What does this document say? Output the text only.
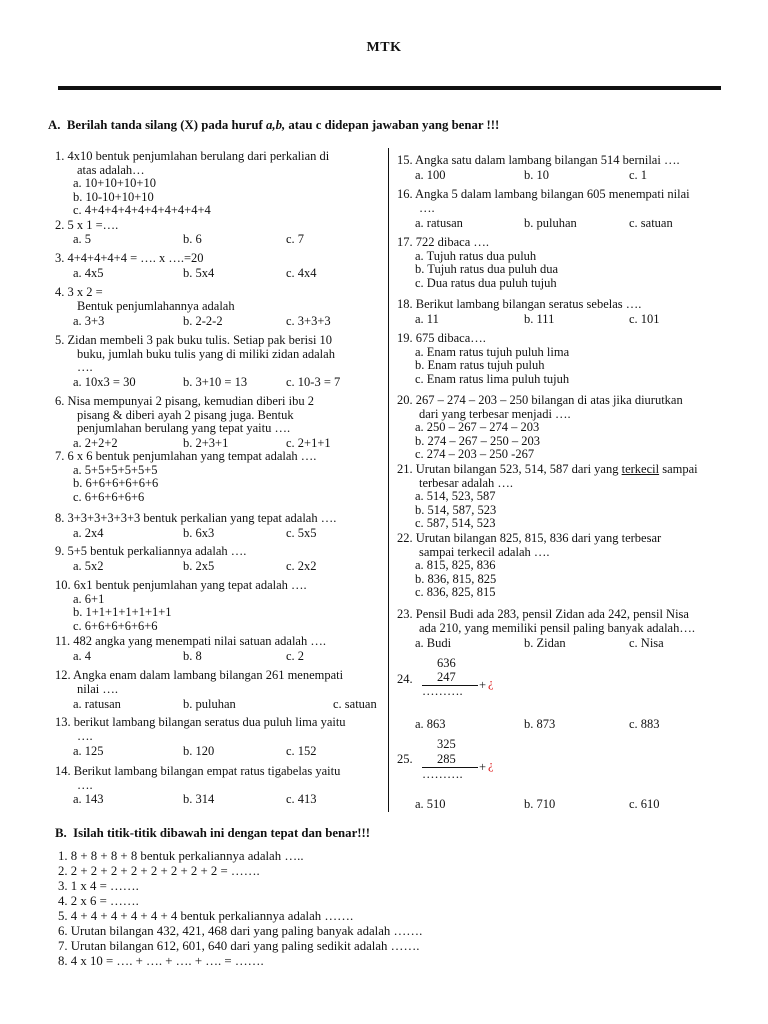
MTK
A. Berilah tanda silang (X) pada huruf a,b, atau c didepan jawaban yang benar !!!
1. 4x10 bentuk penjumlahan berulang dari perkalian di
atas adalah…
a. 10+10+10+10
b. 10-10+10+10
c. 4+4+4+4+4+4+4+4+4+4
2. 5 x 1 =….
a. 5	b. 6	c. 7
3. 4+4+4+4+4 = …. x ….=20
a. 4x5	b. 5x4	c. 4x4
4. 3 x 2 =
Bentuk penjumlahannya adalah
a. 3+3	b. 2-2-2	c. 3+3+3
5. Zidan membeli 3 pak buku tulis. Setiap pak berisi 10
buku, jumlah buku tulis yang di miliki zidan adalah
….
a. 10x3 = 30	b. 3+10 = 13	c. 10-3 = 7
6. Nisa mempunyai 2 pisang, kemudian diberi ibu 2
pisang & diberi ayah 2 pisang juga. Bentuk
penjumlahan berulang yang tepat yaitu ….
a. 2+2+2	b. 2+3+1	c. 2+1+1
7. 6 x 6 bentuk penjumlahan yang tempat adalah ….
a. 5+5+5+5+5+5
b. 6+6+6+6+6+6
c. 6+6+6+6+6
8. 3+3+3+3+3+3 bentuk perkalian yang tepat adalah ….
a. 2x4	b. 6x3	c. 5x5
9. 5+5 bentuk perkaliannya adalah ….
a. 5x2	b. 2x5	c. 2x2
10. 6x1 bentuk penjumlahan yang tepat adalah ….
a. 6+1
b. 1+1+1+1+1+1+1
c. 6+6+6+6+6+6
11. 482 angka yang menempati nilai satuan adalah ….
a. 4	b. 8	c. 2
12. Angka enam dalam lambang bilangan 261 menempati
nilai ….
a. ratusan	b. puluhan	c. satuan
13. berikut lambang bilangan seratus dua puluh lima yaitu
….
a. 125	b. 120	c. 152
14. Berikut lambang bilangan empat ratus tigabelas yaitu
….
a. 143	b. 314	c. 413
15. Angka satu dalam lambang bilangan 514 bernilai ….
a. 100	b. 10	c. 1
16. Angka 5 dalam lambang bilangan 605 menempati nilai
….
a. ratusan	b. puluhan	c. satuan
17. 722 dibaca ….
a. Tujuh ratus dua puluh
b. Tujuh ratus dua puluh dua
c. Dua ratus dua puluh tujuh
18. Berikut lambang bilangan seratus sebelas ….
a. 11	b. 111	c. 101
19. 675 dibaca….
a. Enam ratus tujuh puluh lima
b. Enam ratus tujuh puluh
c. Enam ratus lima puluh tujuh
20. 267 – 274 – 203 – 250 bilangan di atas jika diurutkan
dari yang terbesar menjadi ….
a. 250 – 267 – 274 – 203
b. 274 – 267 – 250 – 203
c. 274 – 203 – 250 -267
21. Urutan bilangan 523, 514, 587 dari yang terkecil sampai
terbesar adalah ….
a. 514, 523, 587
b. 514, 587, 523
c. 587, 514, 523
22. Urutan bilangan 825, 815, 836 dari yang terbesar
sampai terkecil adalah ….
a. 815, 825, 836
b. 836, 815, 825
c. 836, 825, 815
23. Pensil Budi ada 283, pensil Zidan ada 242, pensil Nisa
ada 210, yang memiliki pensil paling banyak adalah….
a. Budi	b. Zidan	c. Nisa
24.
636
247
………. + ¿
a. 863	b. 873	c. 883
25.
325
285
………. + ¿
a. 510	b. 710	c. 610
B. Isilah titik-titik dibawah ini dengan tepat dan benar!!!
1. 8 + 8 + 8 + 8 bentuk perkaliannya adalah …..
2. 2 + 2 + 2 + 2 + 2 + 2 + 2 + 2 = …….
3. 1 x 4 = …….
4. 2 x 6 = …….
5. 4 + 4 + 4 + 4 + 4 + 4 bentuk perkaliannya adalah …….
6. Urutan bilangan 432, 421, 468 dari yang paling banyak adalah …….
7. Urutan bilangan 612, 601, 640 dari yang paling sedikit adalah …….
8. 4 x 10 = …. + …. + …. + …. = …….
